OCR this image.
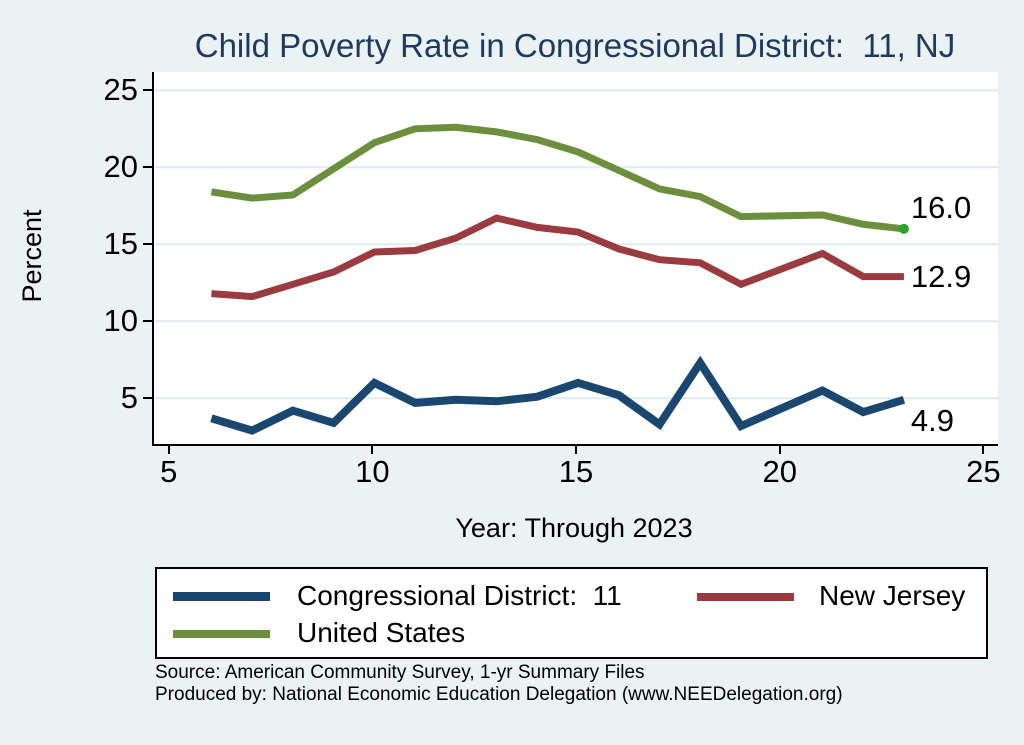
Child Poverty Rate in Congressional District:  11, NJ
Percent
Year: Through 2023
4.9
12.9
16.0
5
10
15
20
25
5	10	15	20	25
Congressional District:  11	New Jersey
United States
Source: American Community Survey, 1-yr Summary Files
Produced by: National Economic Education Delegation (www.NEEDelegation.org)
